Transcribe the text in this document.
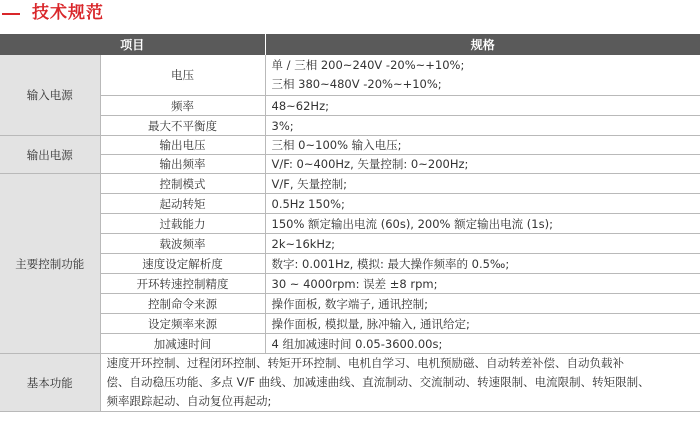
技术规范
项目		规格
输入电源	电压	单 / 三相 200~240V -20%~+10%;
三相 380~480V -20%~+10%;

	频率	48~62Hz;
	最大不平衡度	3%;
输出电源	输出电压	三相 0~100% 输入电压;
	输出频率	V/F: 0~400Hz, 矢量控制: 0~200Hz;
主要控制功能	控制模式	V/F, 矢量控制;
	起动转矩	0.5Hz 150%;
	过载能力	150% 额定输出电流 (60s), 200% 额定输出电流 (1s);
	载波频率	2k~16kHz;
	速度设定解析度	数字: 0.001Hz, 模拟: 最大操作频率的 0.5‰;
	开环转速控制精度	30 ~ 4000rpm: 误差 ±8 rpm;
	控制命令来源	操作面板, 数字端子, 通讯控制;
	设定频率来源	操作面板, 模拟量, 脉冲输入, 通讯给定;
	加减速时间	4 组加减速时间 0.05-3600.00s;
基本功能	速度开环控制、过程闭环控制、转矩开环控制、电机自学习、电机预励磁、自动转差补偿、自动负载补
偿、自动稳压功能、多点 V/F 曲线、加减速曲线、直流制动、交流制动、转速限制、电流限制、转矩限制、
频率跟踪起动、自动复位再起动;	
